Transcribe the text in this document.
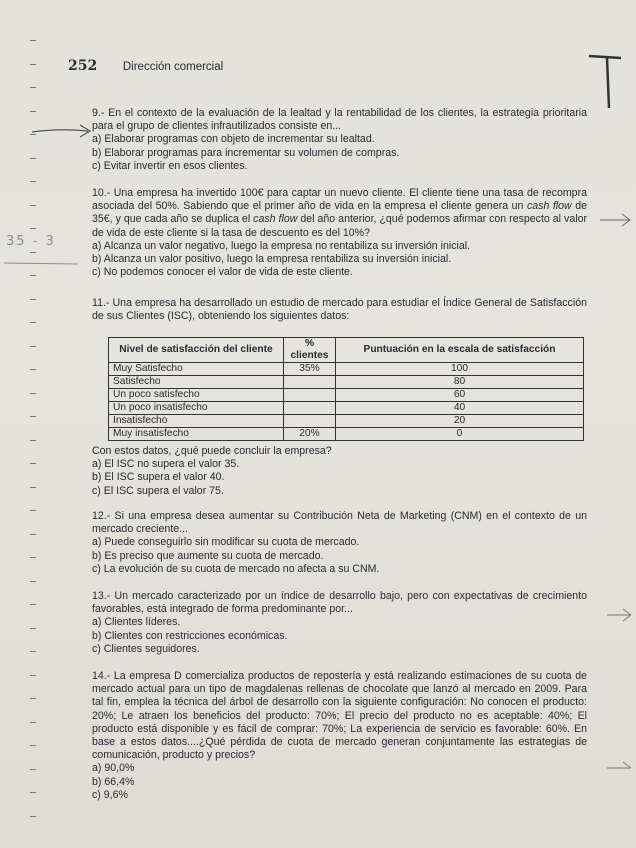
252 Dirección comercial
35 - 3

9.- En el contexto de la evaluación de la lealtad y la rentabilidad de los clientes, la estrategia prioritaria para el grupo de clientes infrautilizados consiste en...

a) Elaborar programas con objeto de incrementar su lealtad.

b) Elaborar programas para incrementar su volumen de compras.

c) Evitar invertir en esos clientes.

10.- Una empresa ha invertido 100€ para captar un nuevo cliente. El cliente tiene una tasa de recompra asociada del 50%. Sabiendo que el primer año de vida en la empresa el cliente genera un cash flow de 35€, y que cada año se duplica el cash flow del año anterior, ¿qué podemos afirmar con respecto al valor de vida de este cliente si la tasa de descuento es del 10%?

a) Alcanza un valor negativo, luego la empresa no rentabiliza su inversión inicial.

b) Alcanza un valor positivo, luego la empresa rentabiliza su inversión inicial.

c) No podemos conocer el valor de vida de este cliente.

11.- Una empresa ha desarrollado un estudio de mercado para estudiar el Índice General de Satisfacción de sus Clientes (ISC), obteniendo los siguientes datos:

Nivel de satisfacción del cliente	% clientes	Puntuación en la escala de satisfacción
Muy Satisfecho	35%	100
Satisfecho		80
Un poco satisfecho		60
Un poco insatisfecho		40
Insatisfecho		20
Muy insatisfecho	20%	0

Con estos datos, ¿qué puede concluir la empresa?

a) El ISC no supera el valor 35.

b) El ISC supera el valor 40.

c) El ISC supera el valor 75.

12.- Si una empresa desea aumentar su Contribución Neta de Marketing (CNM) en el contexto de un mercado creciente...

a) Puede conseguirlo sin modificar su cuota de mercado.

b) Es preciso que aumente su cuota de mercado.

c) La evolución de su cuota de mercado no afecta a su CNM.

13.- Un mercado caracterizado por un índice de desarrollo bajo, pero con expectativas de crecimiento favorables, está integrado de forma predominante por...

a) Clientes líderes.

b) Clientes con restricciones económicas.

c) Clientes seguidores.

14.- La empresa D comercializa productos de repostería y está realizando estimaciones de su cuota de mercado actual para un tipo de magdalenas rellenas de chocolate que lanzó al mercado en 2009. Para tal fin, emplea la técnica del árbol de desarrollo con la siguiente configuración: No conocen el producto: 20%; Le atraen los beneficios del producto: 70%; El precio del producto no es aceptable: 40%; El producto está disponible y es fácil de comprar: 70%; La experiencia de servicio es favorable: 60%. En base a estos datos....¿Qué pérdida de cuota de mercado generan conjuntamente las estrategias de comunicación, producto y precios?

a) 90,0%

b) 66,4%

c) 9,6%
